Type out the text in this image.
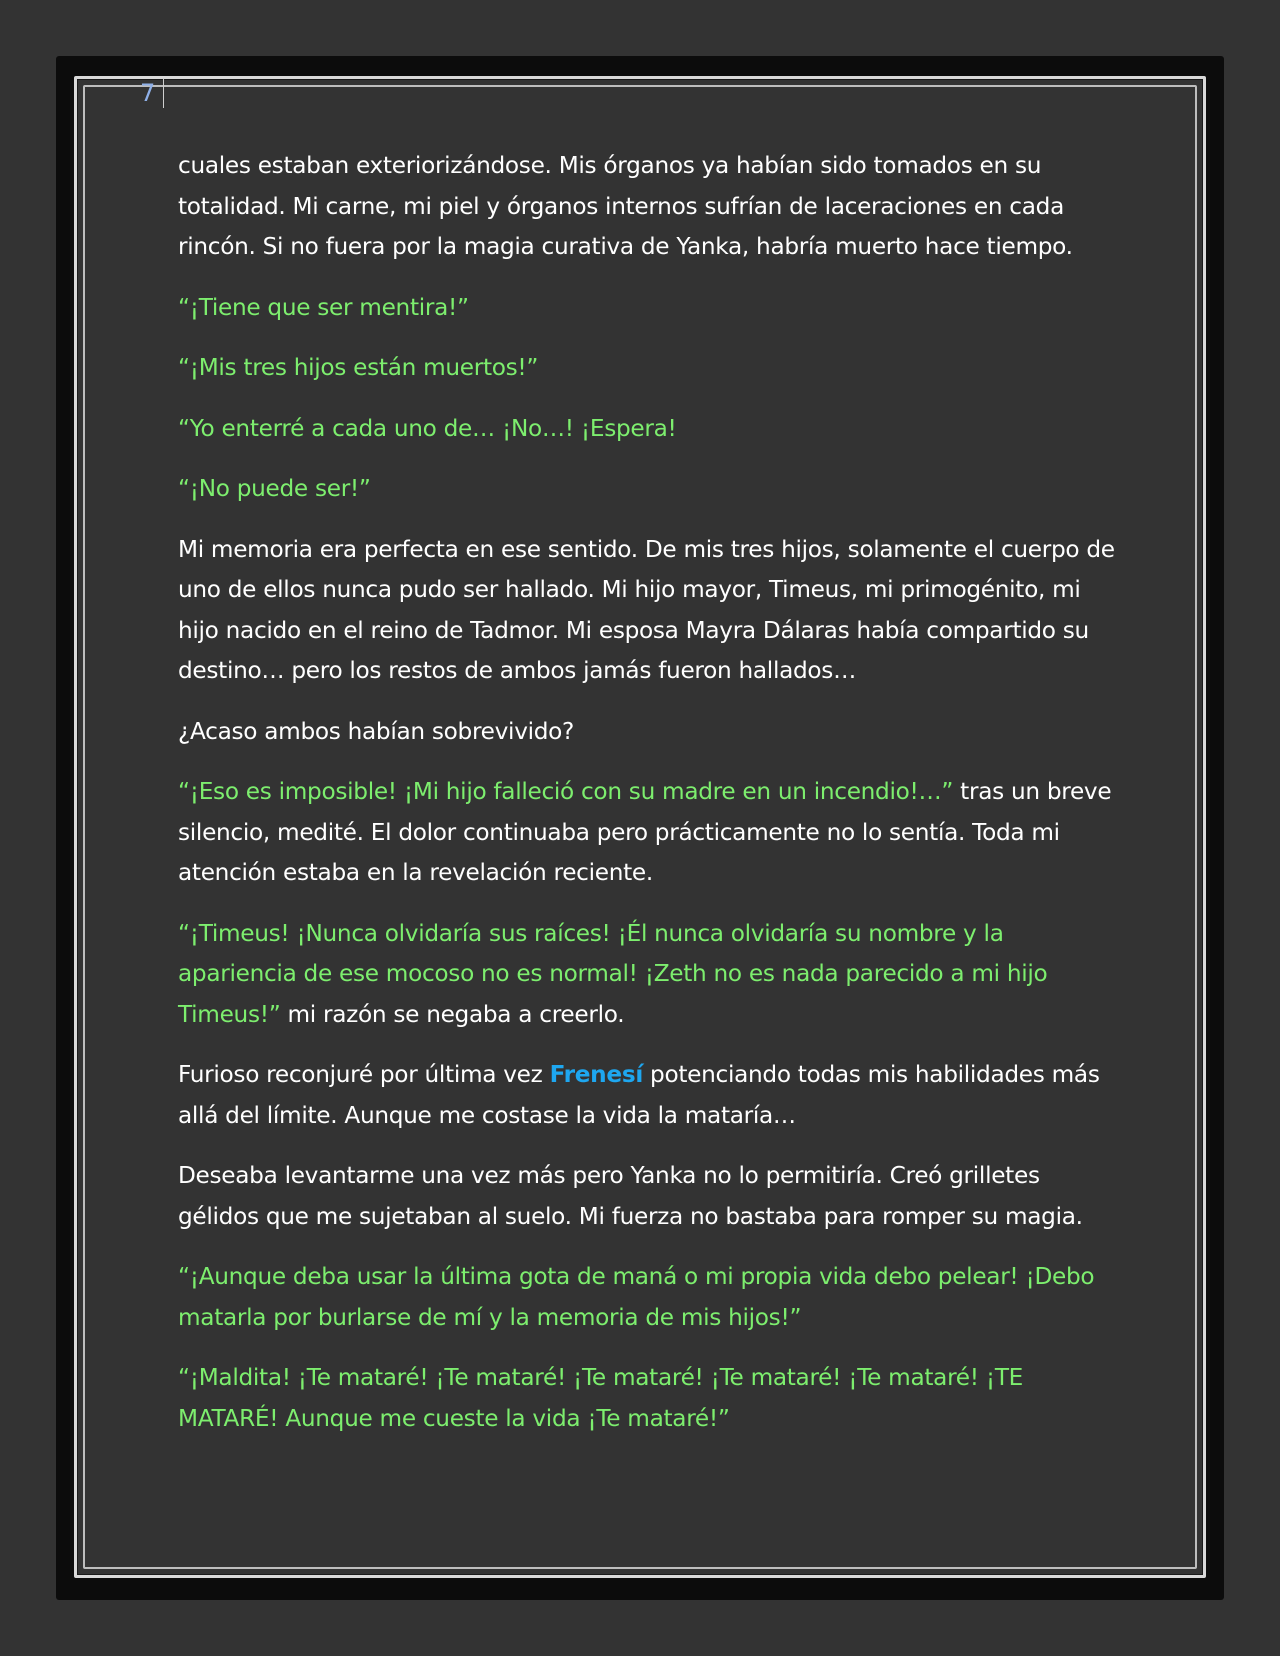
7

cuales estaban exteriorizándose. Mis órganos ya habían sido tomados en su totalidad. Mi carne, mi piel y órganos internos sufrían de laceraciones en cada rincón. Si no fuera por la magia curativa de Yanka, habría muerto hace tiempo.

“¡Tiene que ser mentira!”

“¡Mis tres hijos están muertos!”

“Yo enterré a cada uno de… ¡No…! ¡Espera!

“¡No puede ser!”

Mi memoria era perfecta en ese sentido. De mis tres hijos, solamente el cuerpo de uno de ellos nunca pudo ser hallado. Mi hijo mayor, Timeus, mi primogénito, mi hijo nacido en el reino de Tadmor. Mi esposa Mayra Dálaras había compartido su destino… pero los restos de ambos jamás fueron hallados…

¿Acaso ambos habían sobrevivido?

“¡Eso es imposible! ¡Mi hijo falleció con su madre en un incendio!…” tras un breve silencio, medité. El dolor continuaba pero prácticamente no lo sentía. Toda mi atención estaba en la revelación reciente.

“¡Timeus! ¡Nunca olvidaría sus raíces! ¡Él nunca olvidaría su nombre y la apariencia de ese mocoso no es normal! ¡Zeth no es nada parecido a mi hijo Timeus!” mi razón se negaba a creerlo.

Furioso reconjuré por última vez Frenesí potenciando todas mis habilidades más allá del límite. Aunque me costase la vida la mataría…

Deseaba levantarme una vez más pero Yanka no lo permitiría. Creó grilletes gélidos que me sujetaban al suelo. Mi fuerza no bastaba para romper su magia.

“¡Aunque deba usar la última gota de maná o mi propia vida debo pelear! ¡Debo matarla por burlarse de mí y la memoria de mis hijos!”

“¡Maldita! ¡Te mataré! ¡Te mataré! ¡Te mataré! ¡Te mataré! ¡Te mataré! ¡TE MATARÉ! Aunque me cueste la vida ¡Te mataré!”
